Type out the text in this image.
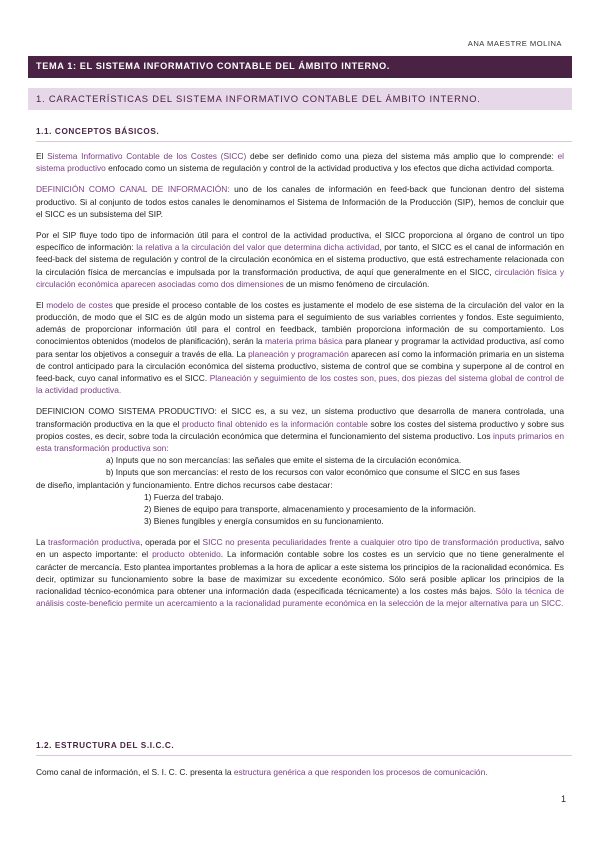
ANA MAESTRE MOLINA
TEMA 1: EL SISTEMA INFORMATIVO CONTABLE DEL ÁMBITO INTERNO.
1. CARACTERÍSTICAS DEL SISTEMA INFORMATIVO CONTABLE DEL ÁMBITO INTERNO.
1.1. CONCEPTOS BÁSICOS.

El Sistema Informativo Contable de los Costes (SICC) debe ser definido como una pieza del sistema más amplio que lo comprende: el sistema productivo enfocado como un sistema de regulación y control de la actividad productiva y los efectos que dicha actividad comporta.

DEFINICIÓN COMO CANAL DE INFORMACIÓN: uno de los canales de información en feed-back que funcionan dentro del sistema productivo. Si al conjunto de todos estos canales le denominamos el Sistema de Información de la Producción (SIP), hemos de concluir que el SICC es un subsistema del SIP.

Por el SIP fluye todo tipo de información útil para el control de la actividad productiva, el SICC proporciona al órgano de control un tipo específico de información: la relativa a la circulación del valor que determina dicha actividad, por tanto, el SICC es el canal de información en feed-back del sistema de regulación y control de la circulación económica en el sistema productivo, que está estrechamente relacionada con la circulación física de mercancías e impulsada por la transformación productiva, de aquí que generalmente en el SICC, circulación física y circulación económica aparecen asociadas como dos dimensiones de un mismo fenómeno de circulación.

El modelo de costes que preside el proceso contable de los costes es justamente el modelo de ese sistema de la circulación del valor en la producción, de modo que el SIC es de algún modo un sistema para el seguimiento de sus variables corrientes y fondos. Este seguimiento, además de proporcionar información útil para el control en feedback, también proporciona información de su comportamiento. Los conocimientos obtenidos (modelos de planificación), serán la materia prima básica para planear y programar la actividad productiva, así como para sentar los objetivos a conseguir a través de ella. La planeación y programación aparecen así como la información primaria en un sistema de control anticipado para la circulación económica del sistema productivo, sistema de control que se combina y superpone al de control en feed-back, cuyo canal informativo es el SICC. Planeación y seguimiento de los costes son, pues, dos piezas del sistema global de control de la actividad productiva.

DEFINICION COMO SISTEMA PRODUCTIVO: el SICC es, a su vez, un sistema productivo que desarrolla de manera controlada, una transformación productiva en la que el producto final obtenido es la información contable sobre los costes del sistema productivo y sobre sus propios costes, es decir, sobre toda la circulación económica que determina el funcionamiento del sistema productivo. Los inputs primarios en esta transformación productiva son:
a) Inputs que no son mercancías: las señales que emite el sistema de la circulación económica.
b) Inputs que son mercancías: el resto de los recursos con valor económico que consume el SICC en sus fases
de diseño, implantación y funcionamiento. Entre dichos recursos cabe destacar:
1) Fuerza del trabajo.
2) Bienes de equipo para transporte, almacenamiento y procesamiento de la información.
3) Bienes fungibles y energía consumidos en su funcionamiento.

La trasformación productiva, operada por el SICC no presenta peculiaridades frente a cualquier otro tipo de transformación productiva, salvo en un aspecto importante: el producto obtenido. La información contable sobre los costes es un servicio que no tiene generalmente el carácter de mercancía. Esto plantea importantes problemas a la hora de aplicar a este sistema los principios de la racionalidad económica. Es decir, optimizar su funcionamiento sobre la base de maximizar su excedente económico. Sólo será posible aplicar los principios de la racionalidad técnico-económica para obtener una información dada (especificada técnicamente) a los costes más bajos. Sólo la técnica de análisis coste-beneficio permite un acercamiento a la racionalidad puramente económica en la selección de la mejor alternativa para un SICC.

1.2. ESTRUCTURA DEL S.I.C.C.

Como canal de información, el S. I. C. C. presenta la estructura genérica a que responden los procesos de comunicación.

1
